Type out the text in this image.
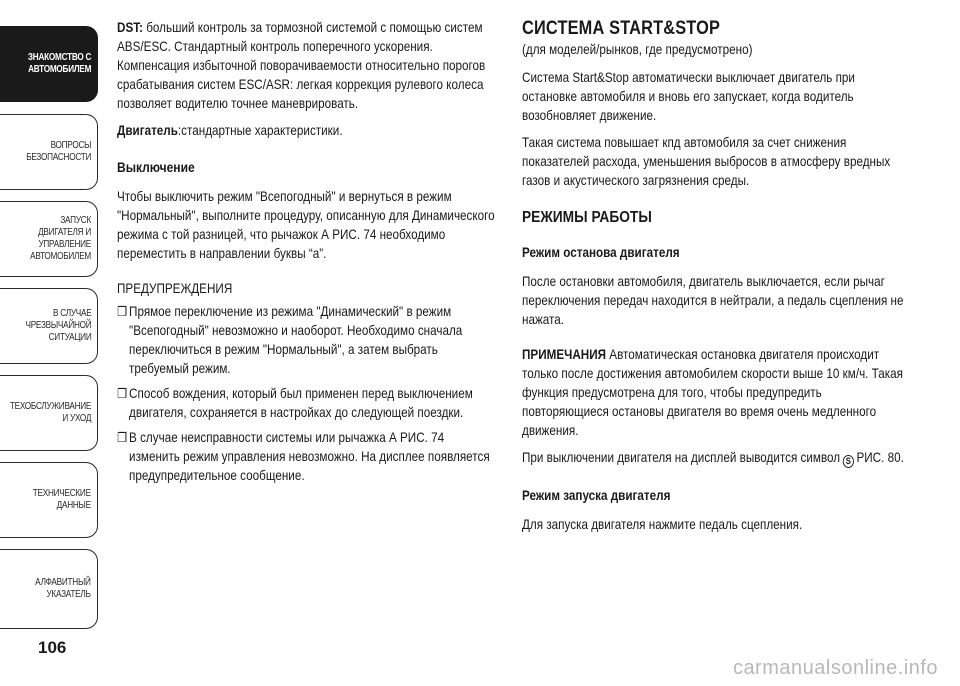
ЗНАКОМСТВО С
АВТОМОБИЛЕМ
ВОПРОСЫ
БЕЗОПАСНОСТИ
ЗАПУСК ДВИГАТЕЛЯ И
УПРАВЛЕНИЕ
АВТОМОБИЛЕМ
В СЛУЧАЕ
ЧРЕЗВЫЧАЙНОЙ
СИТУАЦИИ
ТЕХОБСЛУЖИВАНИЕ
И УХОД
ТЕХНИЧЕСКИЕ
ДАННЫЕ
АЛФАВИТНЫЙ
УКАЗАТЕЛЬ
106

DST: больший контроль за тормозной системой с помощью систем ABS/ESC. Стандартный контроль поперечного ускорения. Компенсация избыточной поворачиваемости относительно порогов срабатывания систем ESC/ASR: легкая коррекция рулевого колеса позволяет водителю точнее маневрировать.

Двигатель:стандартные характеристики.

Выключение

Чтобы выключить режим "Всепогодный" и вернуться в режим "Нормальный", выполните процедуру, описанную для Динамического режима с той разницей, что рычажок А РИС. 74 необходимо переместить в направлении буквы “a”.

ПРЕДУПРЕЖДЕНИЯ

❒ Прямое переключение из режима "Динамический" в режим "Всепогодный" невозможно и наоборот. Необходимо сначала переключиться в режим "Нормальный", а затем выбрать требуемый режим.
❒ Способ вождения, который был применен перед выключением двигателя, сохраняется в настройках до следующей поездки.
❒ В случае неисправности системы или рычажка А РИС. 74 изменить режим управления невозможно. На дисплее появляется предупредительное сообщение.
СИСТЕМА START&STOP

(для моделей/рынков, где предусмотрено)

Система Start&Stop автоматически выключает двигатель при остановке автомобиля и вновь его запускает, когда водитель возобновляет движение.

Такая система повышает кпд автомобиля за счет снижения показателей расхода, уменьшения выбросов в атмосферу вредных газов и акустического загрязнения среды.

РЕЖИМЫ РАБОТЫ
Режим останова двигателя

После остановки автомобиля, двигатель выключается, если рычаг переключения передач находится в нейтрали, а педаль сцепления не нажата.

ПРИМЕЧАНИЯ Автоматическая остановка двигателя происходит только после достижения автомобилем скорости выше 10 км/ч. Такая функция предусмотрена для того, чтобы предупредить повторяющиеся остановы двигателя во время очень медленного движения.

При выключении двигателя на дисплей выводится символ S РИС. 80.

Режим запуска двигателя

Для запуска двигателя нажмите педаль сцепления.

carmanualsonline.info
